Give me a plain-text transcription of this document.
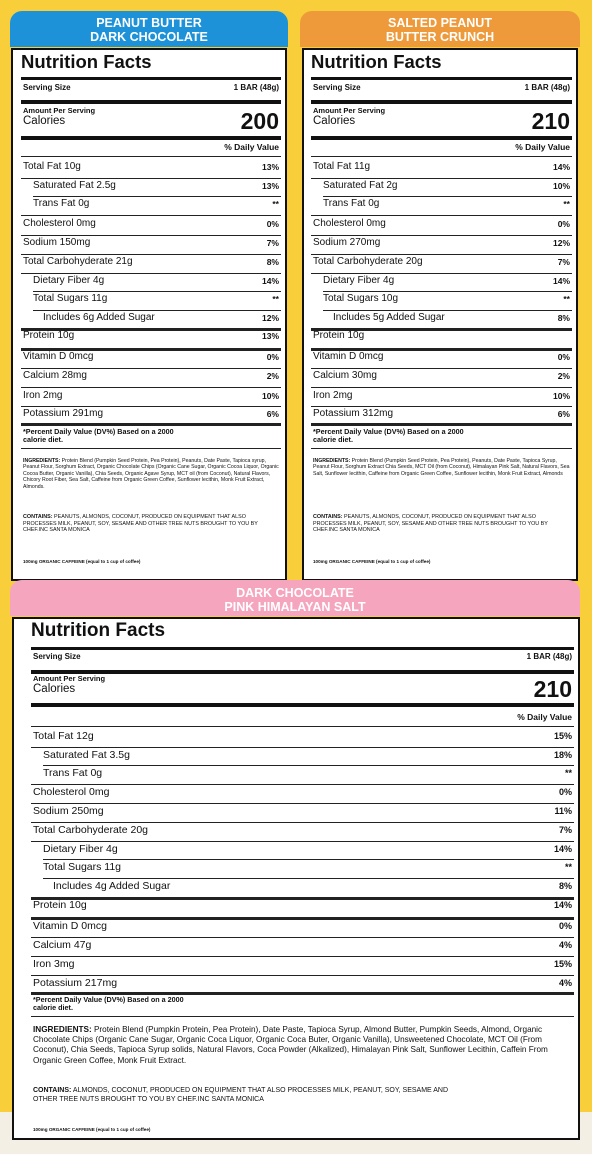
PEANUT BUTTER
DARK CHOCOLATE
SALTED PEANUT
BUTTER CRUNCH
DARK CHOCOLATE
PINK HIMALAYAN SALT
Nutrition Facts
Serving Size	1 BAR (48g)
Amount Per Serving
Calories	200
% Daily Value
Total Fat 10g	13%
Saturated Fat 2.5g	13%
Trans Fat 0g	**
Cholesterol 0mg	0%
Sodium 150mg	7%
Total Carbohyderate 21g	8%
Dietary Fiber 4g	14%
Total Sugars 11g	**
Includes 6g Added Sugar	12%
Protein 10g	13%
Vitamin D 0mcg	0%
Calcium 28mg	2%
Iron 2mg	10%
Potassium 291mg	6%
*Percent Daily Value (DV%) Based on a 2000 calorie diet.
INGREDIENTS: Protein Blend (Pumpkin Seed Protein, Pea Protein), Peanuts, Date Paste, Tapioca syrup, Peanut Flour, Sorghum Extract, Organic Chocolate Chips (Organic Cane Sugar, Organic Cocoa Liquor, Organic Cocoa Butter, Organic Vanilla), Chia Seeds, Organic Agave Syrup, MCT oil (from Coconut), Natural Flavors, Chicory Root Fiber, Sea Salt, Caffeine from Organic Green Coffee, Sunflower lecithin, Monk Fruit Extract, Almonds.
CONTAINS: PEANUTS, ALMONDS, COCONUT, PRODUCED ON EQUIPMENT THAT ALSO PROCESSES MILK, PEANUT, SOY, SESAME AND OTHER TREE NUTS BROUGHT TO YOU BY CHEF.INC SANTA MONICA
100mg ORGANIC CAFFEINE (equal to 1 cup of coffee)
Nutrition Facts
Serving Size	1 BAR (48g)
Amount Per Serving
Calories	210
% Daily Value
Total Fat 11g	14%
Saturated Fat 2g	10%
Trans Fat 0g	**
Cholesterol 0mg	0%
Sodium 270mg	12%
Total Carbohyderate 20g	7%
Dietary Fiber 4g	14%
Total Sugars 10g	**
Includes 5g Added Sugar	8%
Protein 10g
Vitamin D 0mcg	0%
Calcium 30mg	2%
Iron 2mg	10%
Potassium 312mg	6%
*Percent Daily Value (DV%) Based on a 2000 calorie diet.
INGREDIENTS: Protein Blend (Pumpkin Seed Protein, Pea Protein), Peanuts, Date Paste, Tapioca Syrup, Peanut Flour, Sorghum Extract Chia Seeds, MCT Oil (from Coconut), Himalayan Pink Salt, Natural Flavors, Sea Salt, Sunflower lecithin, Caffeine from Organic Green Coffee, Sunflower lecithin, Monk Fruit Extract, Almonds
CONTAINS: PEANUTS, ALMONDS, COCONUT, PRODUCED ON EQUIPMENT THAT ALSO PROCESSES MILK, PEANUT, SOY, SESAME AND OTHER TREE NUTS BROUGHT TO YOU BY CHEF.INC SANTA MONICA
100mg ORGANIC CAFFEINE (equal to 1 cup of coffee)
Nutrition Facts
Serving Size	1 BAR (48g)
Amount Per Serving
Calories	210
% Daily Value
Total Fat 12g	15%
Saturated Fat 3.5g	18%
Trans Fat 0g	**
Cholesterol 0mg	0%
Sodium 250mg	11%
Total Carbohyderate 20g	7%
Dietary Fiber 4g	14%
Total Sugars 11g	**
Includes 4g Added Sugar	8%
Protein 10g	14%
Vitamin D 0mcg	0%
Calcium 47g	4%
Iron 3mg	15%
Potassium 217mg	4%
*Percent Daily Value (DV%) Based on a 2000 calorie diet.
INGREDIENTS: Protein Blend (Pumpkin Protein, Pea Protein), Date Paste, Tapioca Syrup, Almond Butter, Pumpkin Seeds, Almond, Organic Chocolate Chips (Organic Cane Sugar, Organic Coca Liquor, Organic Coca Buter, Organic Vanilla), Unsweetened Chocolate, MCT Oil (From Coconut), Chia Seeds, Tapioca Syrup solids, Natural Flavors, Coca Powder (Alkalized), Himalayan Pink Salt, Sunflower Lecithin, Caffein From Organic Green Coffee, Monk Fruit Extract.
CONTAINS: ALMONDS, COCONUT, PRODUCED ON EQUIPMENT THAT ALSO PROCESSES MILK, PEANUT, SOY, SESAME AND OTHER TREE NUTS BROUGHT TO YOU BY CHEF.INC SANTA MONICA
100mg ORGANIC CAFFEINE (equal to 1 cup of coffee)
